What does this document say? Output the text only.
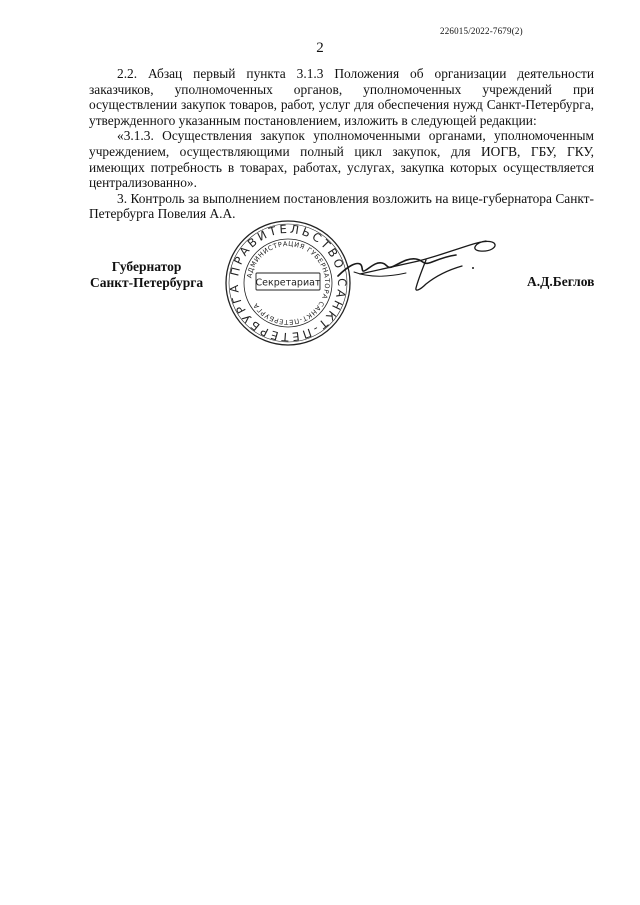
226015/2022-7679(2)
2

2.2. Абзац первый пункта 3.1.3 Положения об организации деятельности заказчиков, уполномоченных органов, уполномоченных учреждений при осуществлении закупок товаров, работ, услуг для обеспечения нужд Санкт-Петербурга, утвержденного указанным постановлением, изложить в следующей редакции:

«3.1.3. Осуществления закупок уполномоченными органами, уполномоченным учреждением, осуществляющими полный цикл закупок, для ИОГВ, ГБУ, ГКУ, имеющих потребность в товарах, работах, услугах, закупка которых осуществляется централизованно».

3. Контроль за выполнением постановления возложить на вице-губернатора Санкт-Петербурга Повелия А.А.

Губернатор
Санкт-Петербурга	А.Д.Беглов
ПРАВИТЕЛЬСТВО САНКТ-ПЕТЕРБУРГА
АДМИНИСТРАЦИЯ ГУБЕРНАТОРА САНКТ-ПЕТЕРБУРГА
Секретариат
